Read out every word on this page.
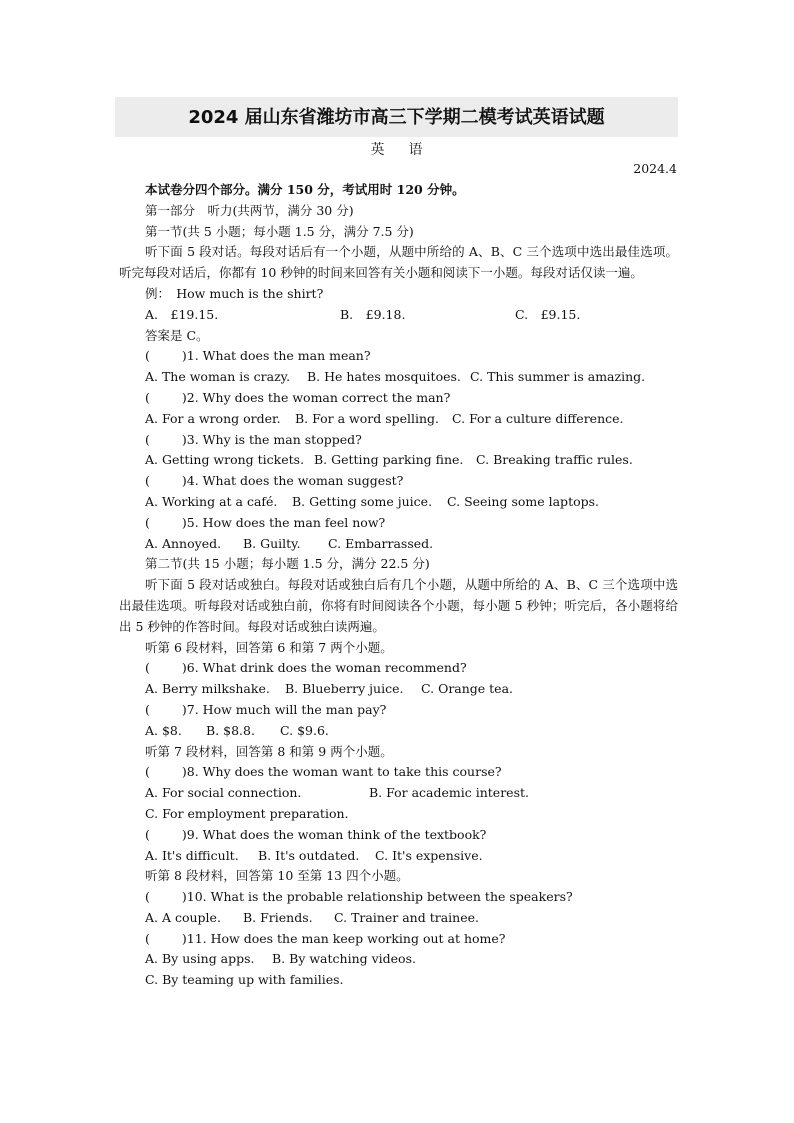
2024 届山东省潍坊市高三下学期二模考试英语试题
英语
2024.4
本试卷分四个部分。满分 150 分，考试用时 120 分钟。
第一部分　听力(共两节，满分 30 分)
第一节(共 5 小题；每小题 1.5 分，满分 7.5 分)
听下面 5 段对话。每段对话后有一个小题，从题中所给的 A、B、C 三个选项中选出最佳选项。听完每段对话后，你都有 10 秒钟的时间来回答有关小题和阅读下一小题。每段对话仅读一遍。
例：　How much is the shirt?
A.　£19.15.	B.　£9.18.	C.　£9.15.
答案是 C。
(	)1. What does the man mean?
A. The woman is crazy.	B. He hates mosquitoes. C. This summer is amazing.
(	)2. Why does the woman correct the man?
A. For a wrong order.	B. For a word spelling.	C. For a culture difference.
(	)3. Why is the man stopped?
A. Getting wrong tickets. B. Getting parking fine.	C. Breaking traffic rules.
(	)4. What does the woman suggest?
A. Working at a café.	B. Getting some juice.	C. Seeing some laptops.
(	)5. How does the man feel now?
A. Annoyed.	B. Guilty.	C. Embarrassed.
第二节(共 15 小题；每小题 1.5 分，满分 22.5 分)
听下面 5 段对话或独白。每段对话或独白后有几个小题，从题中所给的 A、B、C 三个选项中选出最佳选项。听每段对话或独白前，你将有时间阅读各个小题，每小题 5 秒钟；听完后，各小题将给出 5 秒钟的作答时间。每段对话或独白读两遍。
听第 6 段材料，回答第 6 和第 7 两个小题。
(	)6. What drink does the woman recommend?
A. Berry milkshake.	B. Blueberry juice.	C. Orange tea.
(	)7. How much will the man pay?
A. $8.	B. $8.8.	C. $9.6.
听第 7 段材料，回答第 8 和第 9 两个小题。
(	)8. Why does the woman want to take this course?
A. For social connection.	B. For academic interest.
C. For employment preparation.
(	)9. What does the woman think of the textbook?
A. It's difficult.	B. It's outdated.	C. It's expensive.
听第 8 段材料，回答第 10 至第 13 四个小题。
(	)10. What is the probable relationship between the speakers?
A. A couple.	B. Friends.	C. Trainer and trainee.
(	)11. How does the man keep working out at home?
A. By using apps.	B. By watching videos.
C. By teaming up with families.
